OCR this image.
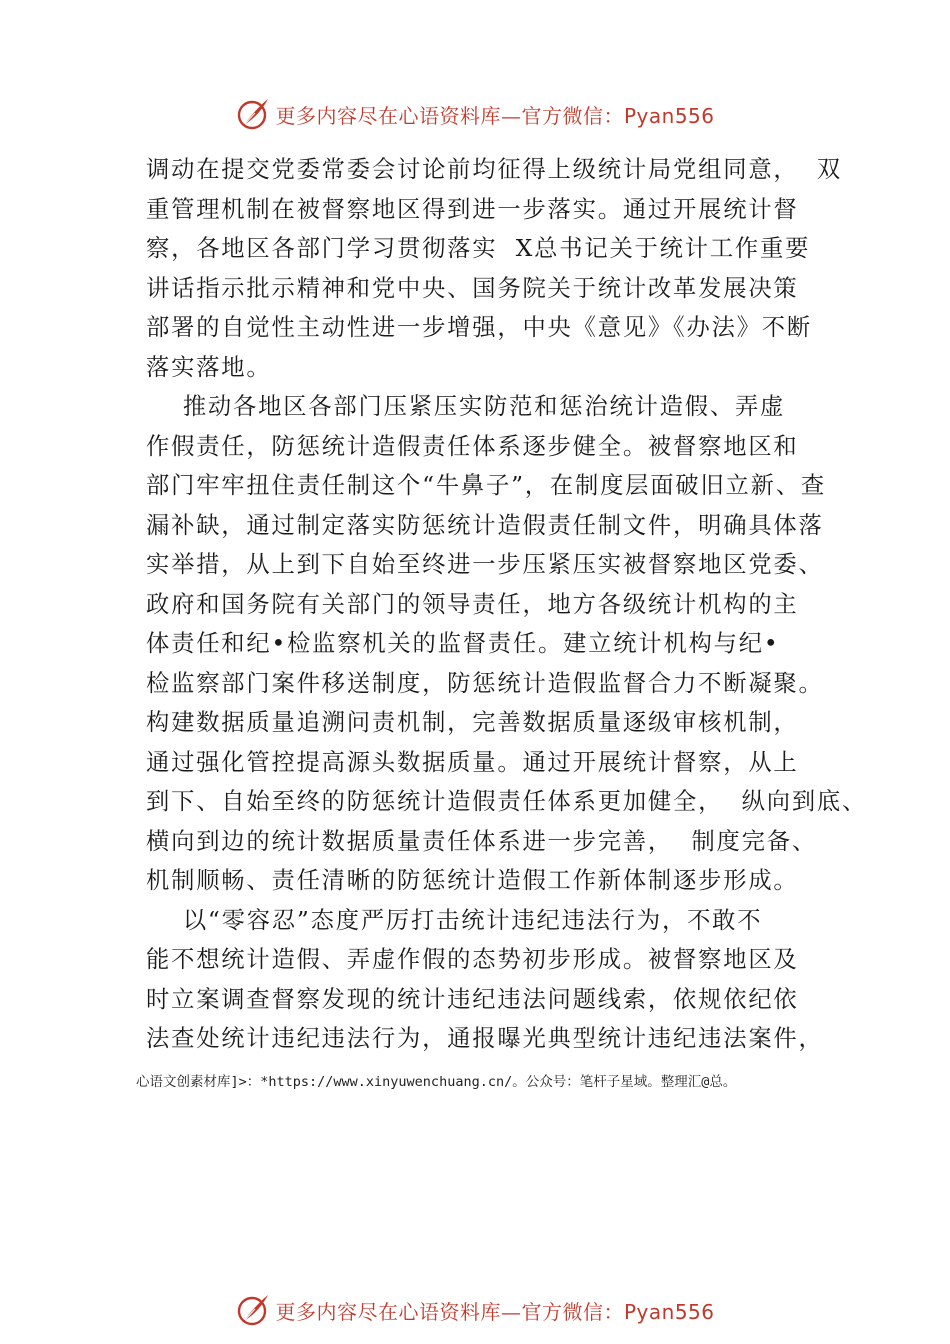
更多内容尽在心语资料库—官方微信：Pyan556
调动在提交党委常委会讨论前均征得上级统计局党组同意，  双
重管理机制在被督察地区得到进一步落实。通过开展统计督
察，各地区各部门学习贯彻落实  X总书记关于统计工作重要
讲话指示批示精神和党中央、国务院关于统计改革发展决策
部署的自觉性主动性进一步增强，中央《意见》《办法》不断
落实落地。
推动各地区各部门压紧压实防范和惩治统计造假、弄虚
作假责任，防惩统计造假责任体系逐步健全。被督察地区和
部门牢牢扭住责任制这个“牛鼻子”，在制度层面破旧立新、查
漏补缺，通过制定落实防惩统计造假责任制文件，明确具体落
实举措，从上到下自始至终进一步压紧压实被督察地区党委、
政府和国务院有关部门的领导责任，地方各级统计机构的主
体责任和纪•检监察机关的监督责任。建立统计机构与纪•
检监察部门案件移送制度，防惩统计造假监督合力不断凝聚。
构建数据质量追溯问责机制，完善数据质量逐级审核机制，
通过强化管控提高源头数据质量。通过开展统计督察，从上
到下、自始至终的防惩统计造假责任体系更加健全，  纵向到底、
横向到边的统计数据质量责任体系进一步完善，  制度完备、
机制顺畅、责任清晰的防惩统计造假工作新体制逐步形成。
以“零容忍”态度严厉打击统计违纪违法行为，不敢不
能不想统计造假、弄虚作假的态势初步形成。被督察地区及
时立案调查督察发现的统计违纪违法问题线索，依规依纪依
法查处统计违纪违法行为，通报曝光典型统计违纪违法案件，
心语文创素材库]>：*https://www.xinyuwenchuang.cn/。公众号：笔杆子星域。整理汇@总。
更多内容尽在心语资料库—官方微信：Pyan556
